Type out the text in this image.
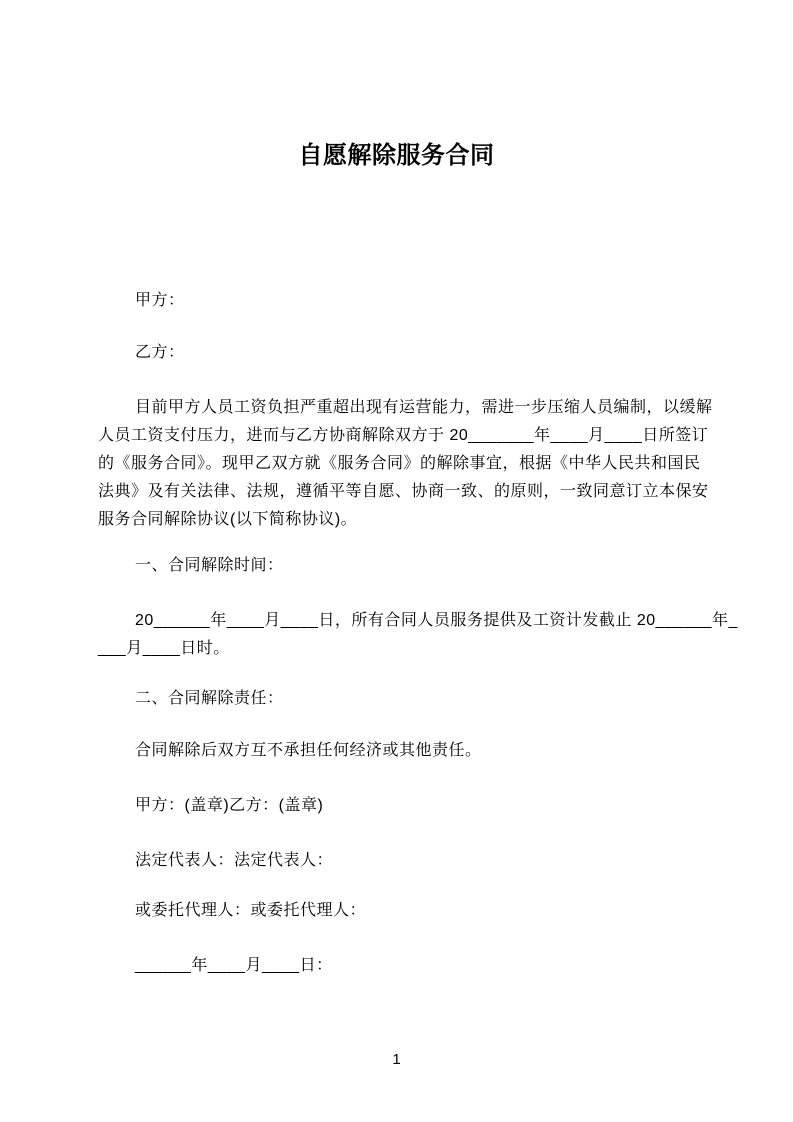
自愿解除服务合同
甲方：
乙方：
目前甲方人员工资负担严重超出现有运营能力，需进一步压缩人员编制，以缓解
人员工资支付压力，进而与乙方协商解除双方于 20_______年____月____日所签订
的《服务合同》。现甲乙双方就《服务合同》的解除事宜，根据《中华人民共和国民
法典》及有关法律、法规，遵循平等自愿、协商一致、的原则，一致同意订立本保安
服务合同解除协议(以下简称协议)。
一、合同解除时间：
20______年____月____日，所有合同人员服务提供及工资计发截止 20______年_
___月____日时。
二、合同解除责任：
合同解除后双方互不承担任何经济或其他责任。
甲方：(盖章)乙方：(盖章)
法定代表人：法定代表人：
或委托代理人：或委托代理人：
______年____月____日：
1
